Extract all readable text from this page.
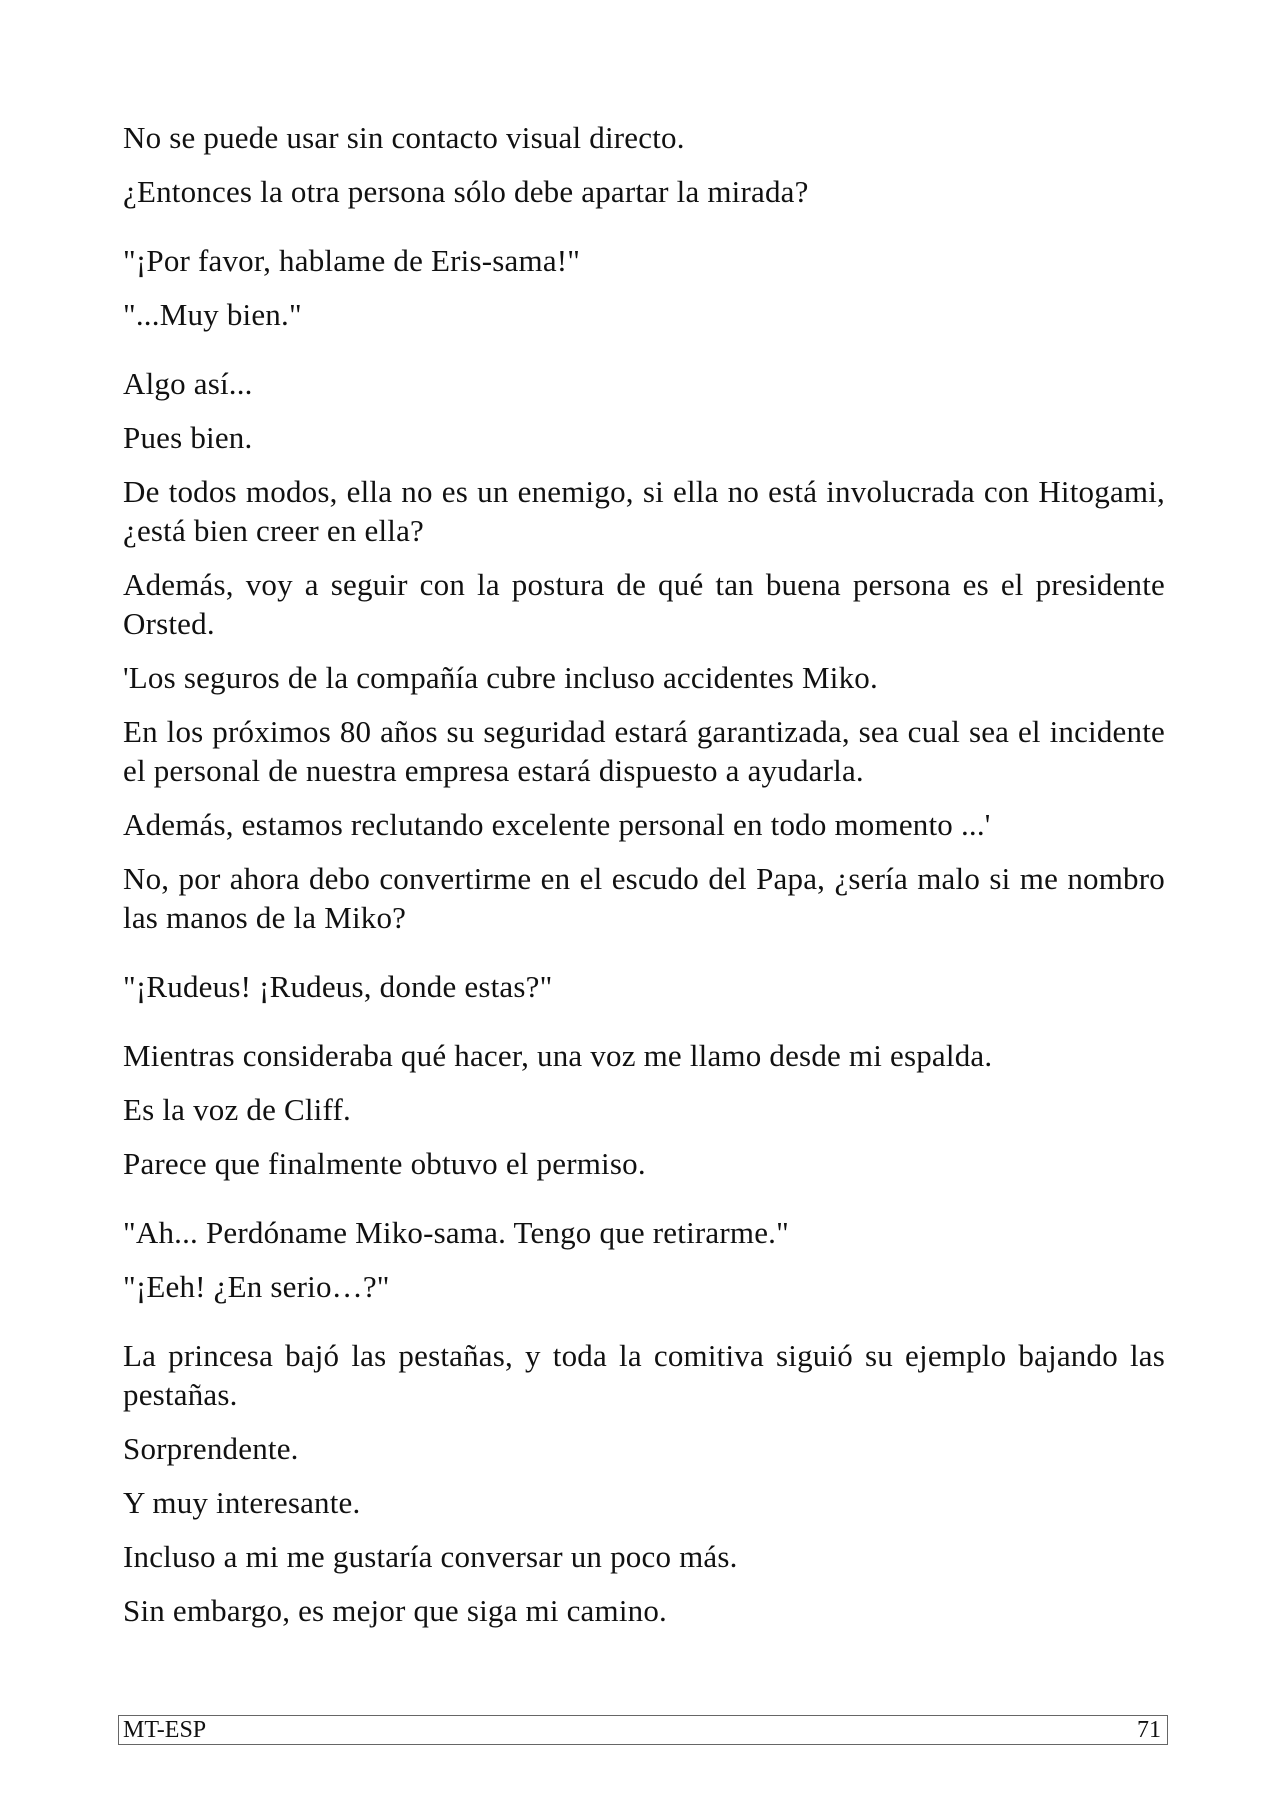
No se puede usar sin contacto visual directo.

¿Entonces la otra persona sólo debe apartar la mirada?

"¡Por favor, hablame de Eris-sama!"

"...Muy bien."

Algo así...

Pues bien.

De todos modos, ella no es un enemigo, si ella no está involucrada con Hitogami, ¿está bien creer en ella?

Además, voy a seguir con la postura de qué tan buena persona es el presidente Orsted.

'Los seguros de la compañía cubre incluso accidentes Miko.

En los próximos 80 años su seguridad estará garantizada, sea cual sea el incidente el personal de nuestra empresa estará dispuesto a ayudarla.

Además, estamos reclutando excelente personal en todo momento ...'

No, por ahora debo convertirme en el escudo del Papa, ¿sería malo si me nombro las manos de la Miko?

"¡Rudeus! ¡Rudeus, donde estas?"

Mientras consideraba qué hacer, una voz me llamo desde mi espalda.

Es la voz de Cliff.

Parece que finalmente obtuvo el permiso.

"Ah... Perdóname Miko-sama. Tengo que retirarme."

"¡Eeh! ¿En serio…?"

La princesa bajó las pestañas, y toda la comitiva siguió su ejemplo bajando las pestañas.

Sorprendente.

Y muy interesante.

Incluso a mi me gustaría conversar un poco más.

Sin embargo, es mejor que siga mi camino.

MT-ESP	71
